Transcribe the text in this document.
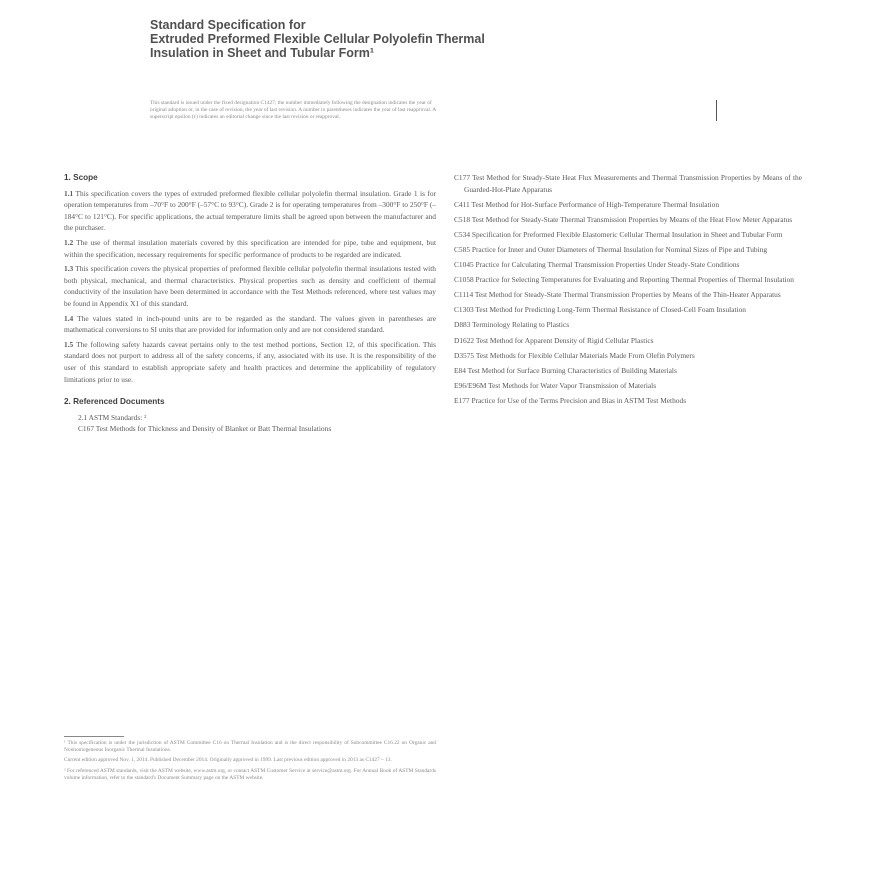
Standard Specification for
Extruded Preformed Flexible Cellular Polyolefin Thermal
Insulation in Sheet and Tubular Form¹
This standard is issued under the fixed designation C1427; the number immediately following the designation indicates the year of
original adoption or, in the case of revision, the year of last revision. A number in parentheses indicates the year of last reapproval. A
superscript epsilon (ε) indicates an editorial change since the last revision or reapproval.
1. Scope
1.1 This specification covers the types of extruded preformed flexible cellular polyolefin thermal insulation. Grade 1 is for operation temperatures from –70°F to 200°F (–57°C to 93°C). Grade 2 is for operating temperatures from –300°F to 250°F (–184°C to 121°C). For specific applications, the actual temperature limits shall be agreed upon between the manufacturer and the purchaser.
1.2 The use of thermal insulation materials covered by this specification are intended for pipe, tube and equipment, but within the specification, necessary requirements for specific performance of products to be regarded are indicated.
1.3 This specification covers the physical properties of preformed flexible cellular polyolefin thermal insulations tested with both physical, mechanical, and thermal characteristics. Physical properties such as density and coefficient of thermal conductivity of the insulation have been determined in accordance with the Test Methods referenced, where test values may be found in Appendix X1 of this standard.
1.4 The values stated in inch-pound units are to be regarded as the standard. The values given in parentheses are mathematical conversions to SI units that are provided for information only and are not considered standard.
1.5 The following safety hazards caveat pertains only to the test method portions, Section 12, of this specification. This standard does not purport to address all of the safety concerns, if any, associated with its use. It is the responsibility of the user of this standard to establish appropriate safety and health practices and determine the applicability of regulatory limitations prior to use.
2. Referenced Documents
2.1 ASTM Standards: ²
C167 Test Methods for Thickness and Density of Blanket or Batt Thermal Insulations

¹ This specification is under the jurisdiction of ASTM Committee C16 on Thermal Insulation and is the direct responsibility of Subcommittee C16.22 on Organic and Nonhomogeneous Inorganic Thermal Insulations.

Current edition approved Nov. 1, 2014. Published December 2014. Originally approved in 1999. Last previous edition approved in 2013 as C1427 – 13.

² For referenced ASTM standards, visit the ASTM website, www.astm.org, or contact ASTM Customer Service at service@astm.org. For Annual Book of ASTM Standards volume information, refer to the standard's Document Summary page on the ASTM website.

C177 Test Method for Steady-State Heat Flux Measurements and Thermal Transmission Properties by Means of the Guarded-Hot-Plate Apparatus
C411 Test Method for Hot-Surface Performance of High-Temperature Thermal Insulation
C518 Test Method for Steady-State Thermal Transmission Properties by Means of the Heat Flow Meter Apparatus
C534 Specification for Preformed Flexible Elastomeric Cellular Thermal Insulation in Sheet and Tubular Form
C585 Practice for Inner and Outer Diameters of Thermal Insulation for Nominal Sizes of Pipe and Tubing
C1045 Practice for Calculating Thermal Transmission Properties Under Steady-State Conditions
C1058 Practice for Selecting Temperatures for Evaluating and Reporting Thermal Properties of Thermal Insulation
C1114 Test Method for Steady-State Thermal Transmission Properties by Means of the Thin-Heater Apparatus
C1303 Test Method for Predicting Long-Term Thermal Resistance of Closed-Cell Foam Insulation
D883 Terminology Relating to Plastics
D1622 Test Method for Apparent Density of Rigid Cellular Plastics
D3575 Test Methods for Flexible Cellular Materials Made From Olefin Polymers
E84 Test Method for Surface Burning Characteristics of Building Materials
E96/E96M Test Methods for Water Vapor Transmission of Materials
E177 Practice for Use of the Terms Precision and Bias in ASTM Test Methods
